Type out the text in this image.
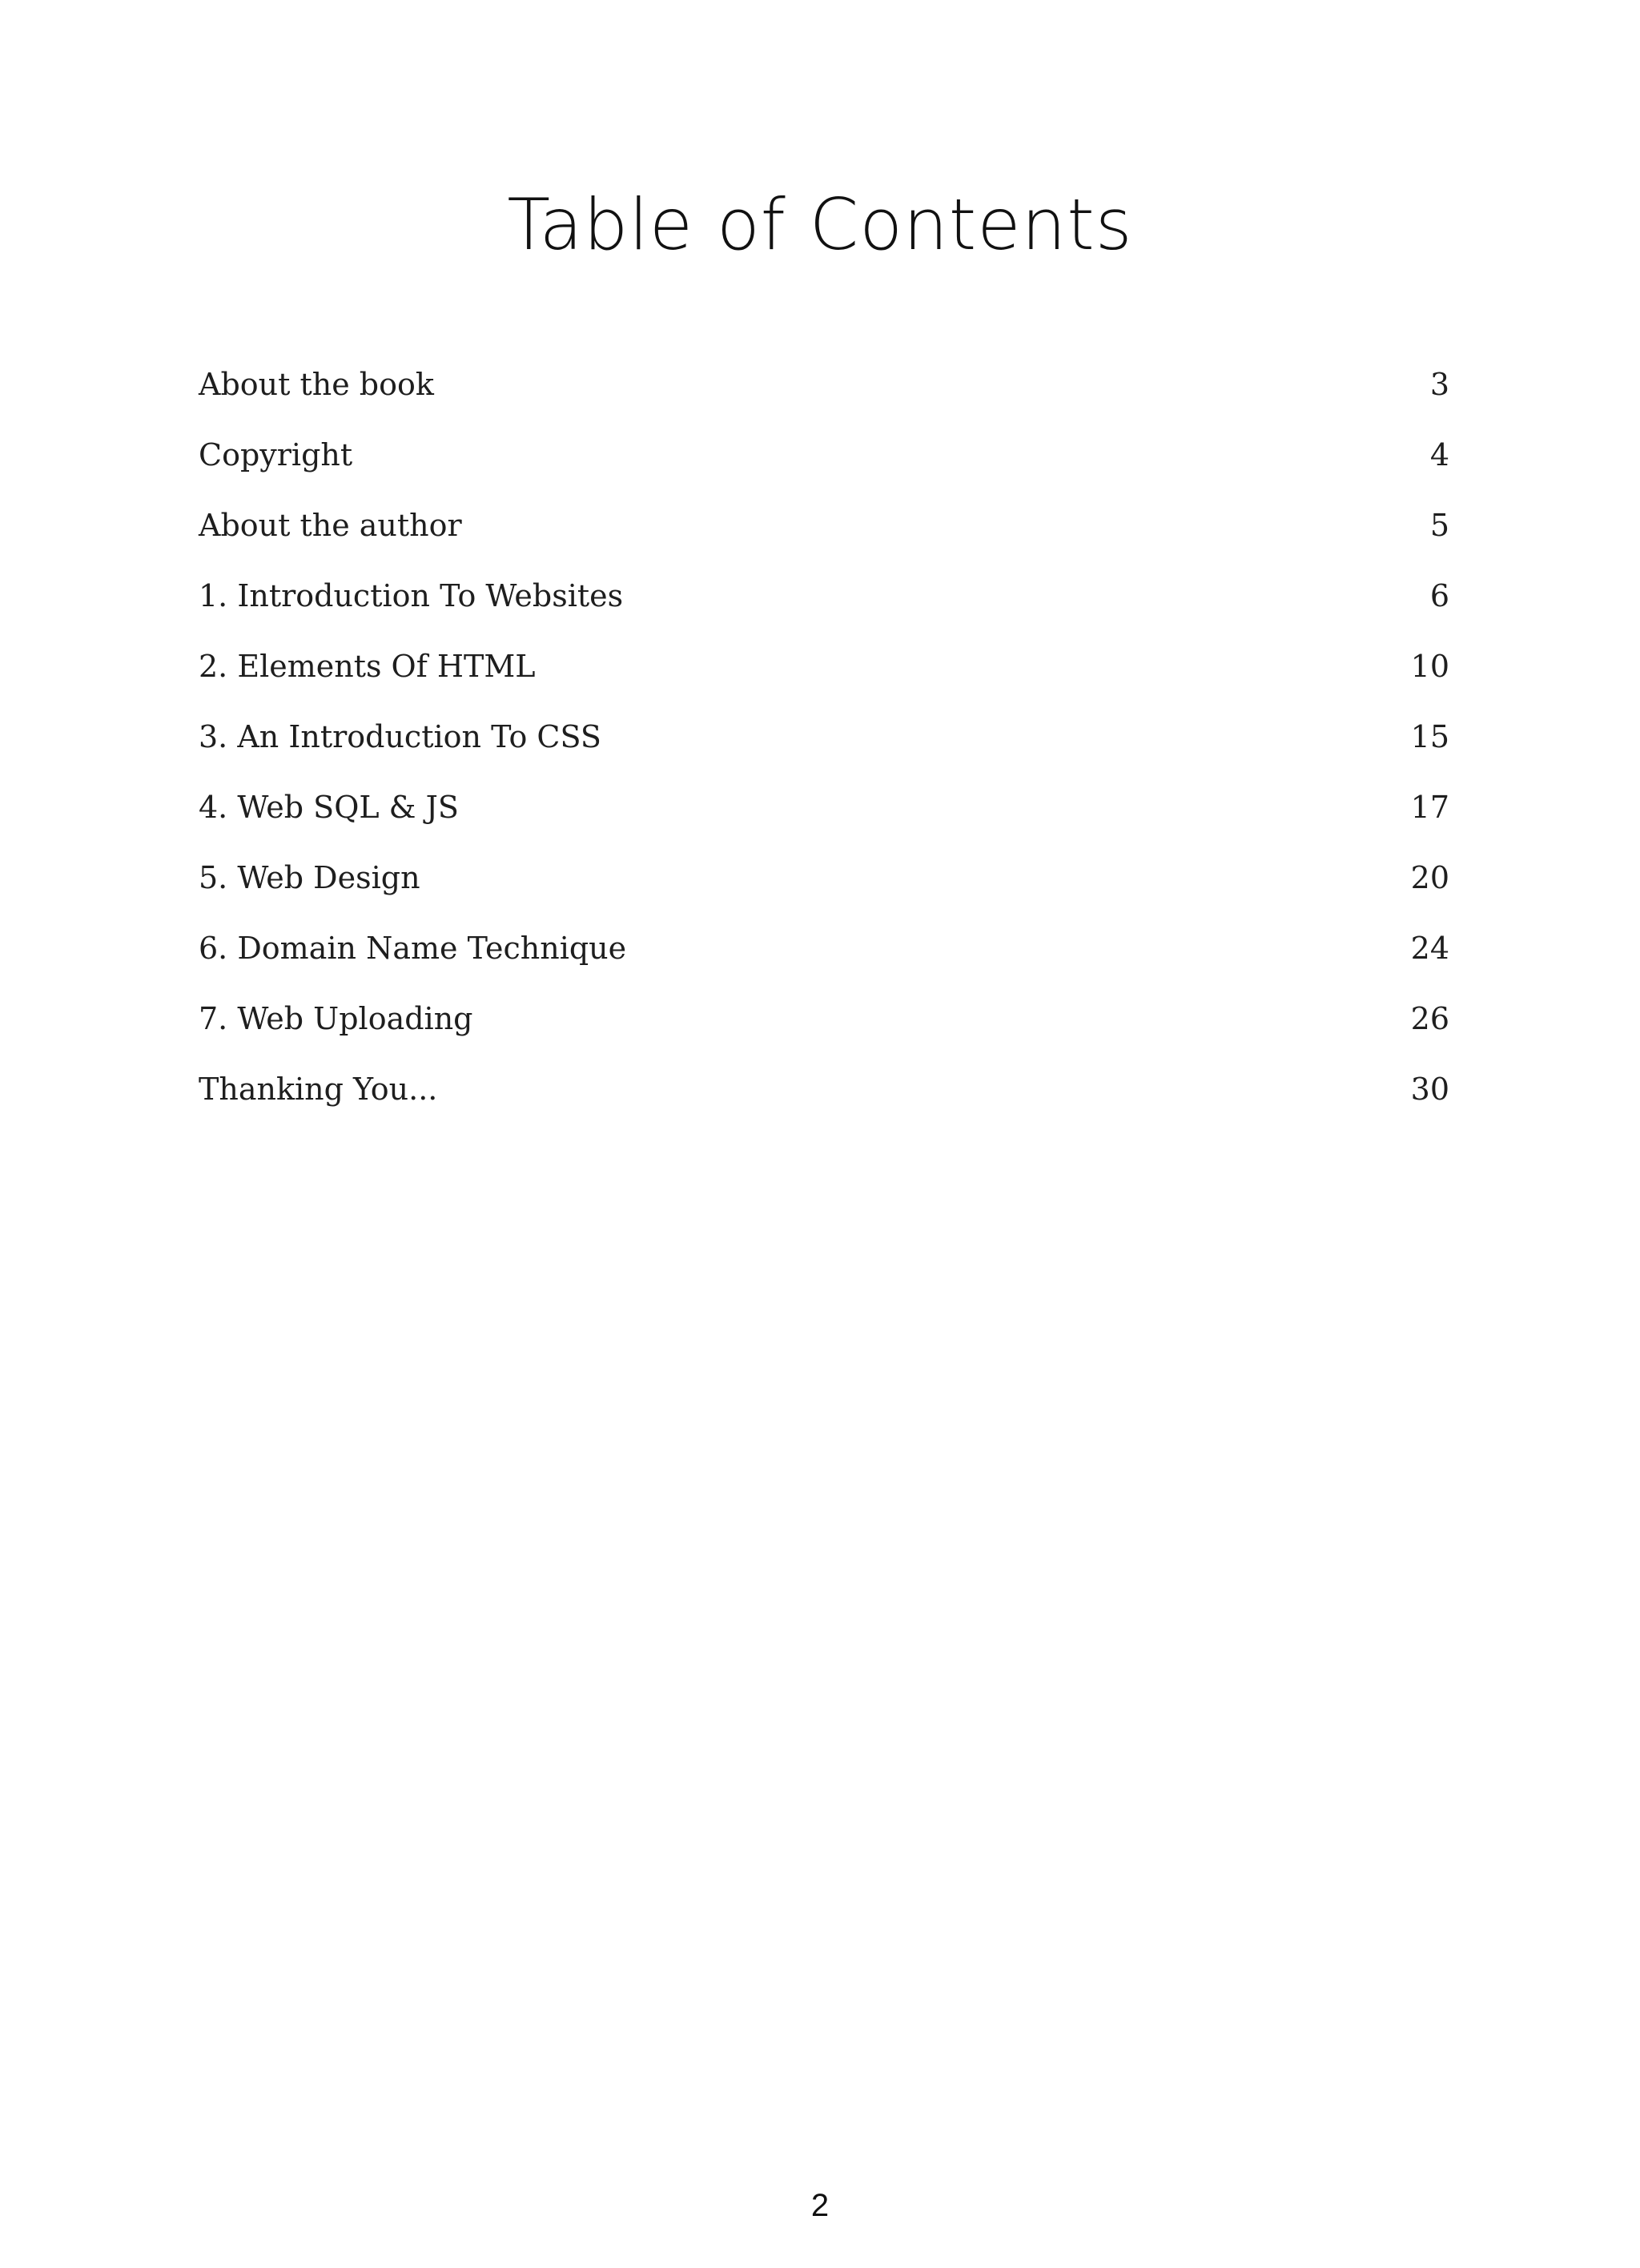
Table of Contents
About the book	3
Copyright	4
About the author	5
1. Introduction To Websites	6
2. Elements Of HTML	10
3. An Introduction To CSS	15
4. Web SQL & JS	17
5. Web Design	20
6. Domain Name Technique	24
7. Web Uploading	26
Thanking You...	30
2
